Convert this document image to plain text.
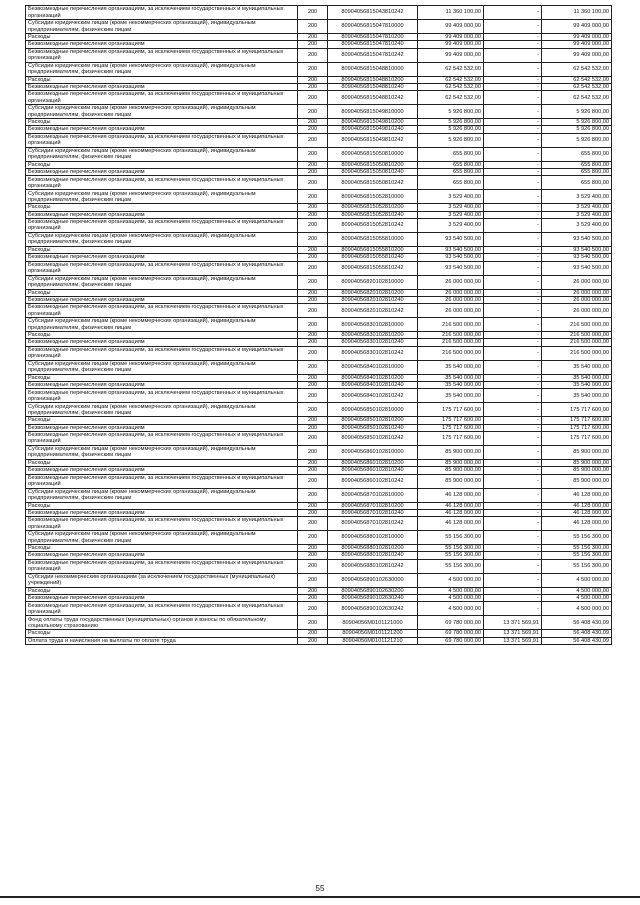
Безвозмездные перечисления организациям, за исключением государственных и муниципальных организаций	200	80904056815043810242	11 360 100,00	-	11 360 100,00
Субсидии юридическим лицам (кроме некоммерческих организаций), индивидуальным предпринимателям, физическим лицам	200	80904056815047810000	99 409 000,00	-	99 409 000,00
Расходы	200	80904056815047810200	99 409 000,00	-	99 409 000,00
Безвозмездные перечисления организациям	200	80904056815047810240	99 409 000,00	-	99 409 000,00
Безвозмездные перечисления организациям, за исключением государственных и муниципальных организаций	200	80904056815047810242	99 409 000,00	-	99 409 000,00
Субсидии юридическим лицам (кроме некоммерческих организаций), индивидуальным предпринимателям, физическим лицам	200	80904056815048810000	62 542 532,00	-	62 542 532,00
Расходы	200	80904056815048810200	62 542 532,00	-	62 542 532,00
Безвозмездные перечисления организациям	200	80904056815048810240	62 542 532,00	-	62 542 532,00
Безвозмездные перечисления организациям, за исключением государственных и муниципальных организаций	200	80904056815048810242	62 542 532,00	-	62 542 532,00
Субсидии юридическим лицам (кроме некоммерческих организаций), индивидуальным предпринимателям, физическим лицам	200	80904056815049810000	5 926 800,00	-	5 926 800,00
Расходы	200	80904056815049810200	5 926 800,00	-	5 926 800,00
Безвозмездные перечисления организациям	200	80904056815049810240	5 926 800,00	-	5 926 800,00
Безвозмездные перечисления организациям, за исключением государственных и муниципальных организаций	200	80904056815049810242	5 926 800,00	-	5 926 800,00
Субсидии юридическим лицам (кроме некоммерческих организаций), индивидуальным предпринимателям, физическим лицам	200	80904056815050810000	655 800,00	-	655 800,00
Расходы	200	80904056815050810200	655 800,00	-	655 800,00
Безвозмездные перечисления организациям	200	80904056815050810240	655 800,00	-	655 800,00
Безвозмездные перечисления организациям, за исключением государственных и муниципальных организаций	200	80904056815050810242	655 800,00	-	655 800,00
Субсидии юридическим лицам (кроме некоммерческих организаций), индивидуальным предпринимателям, физическим лицам	200	80904056815052810000	3 529 400,00	-	3 529 400,00
Расходы	200	80904056815052810200	3 529 400,00	-	3 529 400,00
Безвозмездные перечисления организациям	200	80904056815052810240	3 529 400,00	-	3 529 400,00
Безвозмездные перечисления организациям, за исключением государственных и муниципальных организаций	200	80904056815052810242	3 529 400,00	-	3 529 400,00
Субсидии юридическим лицам (кроме некоммерческих организаций), индивидуальным предпринимателям, физическим лицам	200	80904056815055810000	93 540 500,00	-	93 540 500,00
Расходы	200	80904056815055810200	93 540 500,00	-	93 540 500,00
Безвозмездные перечисления организациям	200	80904056815055810240	93 540 500,00	-	93 540 500,00
Безвозмездные перечисления организациям, за исключением государственных и муниципальных организаций	200	80904056815055810242	93 540 500,00	-	93 540 500,00
Субсидии юридическим лицам (кроме некоммерческих организаций), индивидуальным предпринимателям, физическим лицам	200	80904056820102810000	26 000 000,00	-	26 000 000,00
Расходы	200	80904056820102810200	26 000 000,00	-	26 000 000,00
Безвозмездные перечисления организациям	200	80904056820102810240	26 000 000,00	-	26 000 000,00
Безвозмездные перечисления организациям, за исключением государственных и муниципальных организаций	200	80904056820102810242	26 000 000,00	-	26 000 000,00
Субсидии юридическим лицам (кроме некоммерческих организаций), индивидуальным предпринимателям, физическим лицам	200	80904056830102810000	216 500 000,00	-	216 500 000,00
Расходы	200	80904056830102810200	216 500 000,00	-	216 500 000,00
Безвозмездные перечисления организациям	200	80904056830102810240	216 500 000,00	-	216 500 000,00
Безвозмездные перечисления организациям, за исключением государственных и муниципальных организаций	200	80904056830102810242	216 500 000,00	-	216 500 000,00
Субсидии юридическим лицам (кроме некоммерческих организаций), индивидуальным предпринимателям, физическим лицам	200	80904056840102810000	35 540 000,00	-	35 540 000,00
Расходы	200	80904056840102810200	35 540 000,00	-	35 540 000,00
Безвозмездные перечисления организациям	200	80904056840102810240	35 540 000,00	-	35 540 000,00
Безвозмездные перечисления организациям, за исключением государственных и муниципальных организаций	200	80904056840102810242	35 540 000,00	-	35 540 000,00
Субсидии юридическим лицам (кроме некоммерческих организаций), индивидуальным предпринимателям, физическим лицам	200	80904056850102810000	175 717 600,00	-	175 717 600,00
Расходы	200	80904056850102810200	175 717 600,00	-	175 717 600,00
Безвозмездные перечисления организациям	200	80904056850102810240	175 717 600,00	-	175 717 600,00
Безвозмездные перечисления организациям, за исключением государственных и муниципальных организаций	200	80904056850102810242	175 717 600,00	-	175 717 600,00
Субсидии юридическим лицам (кроме некоммерческих организаций), индивидуальным предпринимателям, физическим лицам	200	80904056860102810000	85 900 000,00	-	85 900 000,00
Расходы	200	80904056860102810200	85 900 000,00	-	85 900 000,00
Безвозмездные перечисления организациям	200	80904056860102810240	85 900 000,00	-	85 900 000,00
Безвозмездные перечисления организациям, за исключением государственных и муниципальных организаций	200	80904056860102810242	85 900 000,00	-	85 900 000,00
Субсидии юридическим лицам (кроме некоммерческих организаций), индивидуальным предпринимателям, физическим лицам	200	80904056870102810000	46 128 000,00	-	46 128 000,00
Расходы	200	80904056870102810200	46 128 000,00	-	46 128 000,00
Безвозмездные перечисления организациям	200	80904056870102810240	46 128 000,00	-	46 128 000,00
Безвозмездные перечисления организациям, за исключением государственных и муниципальных организаций	200	80904056870102810242	46 128 000,00	-	46 128 000,00
Субсидии юридическим лицам (кроме некоммерческих организаций), индивидуальным предпринимателям, физическим лицам	200	80904056880102810000	55 156 300,00	-	55 156 300,00
Расходы	200	80904056880102810200	55 156 300,00	-	55 156 300,00
Безвозмездные перечисления организациям	200	80904056880102810240	55 156 300,00	-	55 156 300,00
Безвозмездные перечисления организациям, за исключением государственных и муниципальных организаций	200	80904056880102810242	55 156 300,00	-	55 156 300,00
Субсидии некоммерческим организациям (за исключением государственных (муниципальных) учреждений)	200	80904056890102630000	4 500 000,00	-	4 500 000,00
Расходы	200	80904056890102630200	4 500 000,00	-	4 500 000,00
Безвозмездные перечисления организациям	200	80904056890102630240	4 500 000,00	-	4 500 000,00
Безвозмездные перечисления организациям, за исключением государственных и муниципальных организаций	200	80904056890102630242	4 500 000,00	-	4 500 000,00
Фонд оплаты труда государственных (муниципальных) органов и взносы по обязательному социальному страхованию	200	80904056М0101121000	69 780 000,00	13 371 569,91	56 408 430,09
Расходы	200	80904056М0101121200	69 780 000,00	13 371 569,91	56 408 430,09
Оплата труда и начисления на выплаты по оплате труда	200	80904056М0101121210	69 780 000,00	13 371 569,91	56 408 430,09
55
